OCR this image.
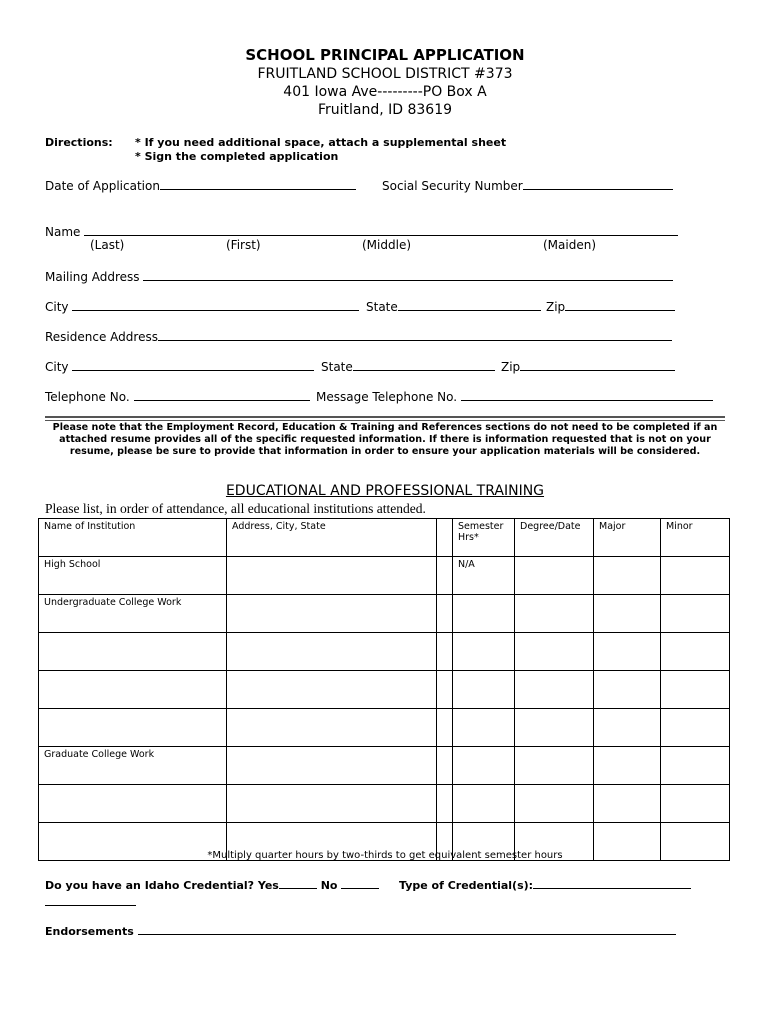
SCHOOL PRINCIPAL APPLICATION
FRUITLAND SCHOOL DISTRICT #373
401 Iowa Ave---------PO Box A
Fruitland, ID 83619
Directions: * If you need additional space, attach a supplemental sheet
* Sign the completed application
Date of Application	Social Security Number
Name
(Last)	(First)	(Middle)	(Maiden)
Mailing Address
City	State	Zip
Residence Address
City	State	Zip
Telephone No.	Message Telephone No.
Please note that the Employment Record, Education & Training and References sections do not need to be completed if an attached resume provides all of the specific requested information. If there is information requested that is not on your resume, please be sure to provide that information in order to ensure your application materials will be considered.
EDUCATIONAL AND PROFESSIONAL TRAINING
Please list, in order of attendance, all educational institutions attended.
Name of Institution	Address, City, State		Semester Hrs*	Degree/Date	Major	Minor
High School			N/A			
Undergraduate College Work						

Graduate College Work						

*Multiply quarter hours by two-thirds to get equivalent semester hours
Do you have an Idaho Credential? Yes	No	Type of Credential(s):
Endorsements
